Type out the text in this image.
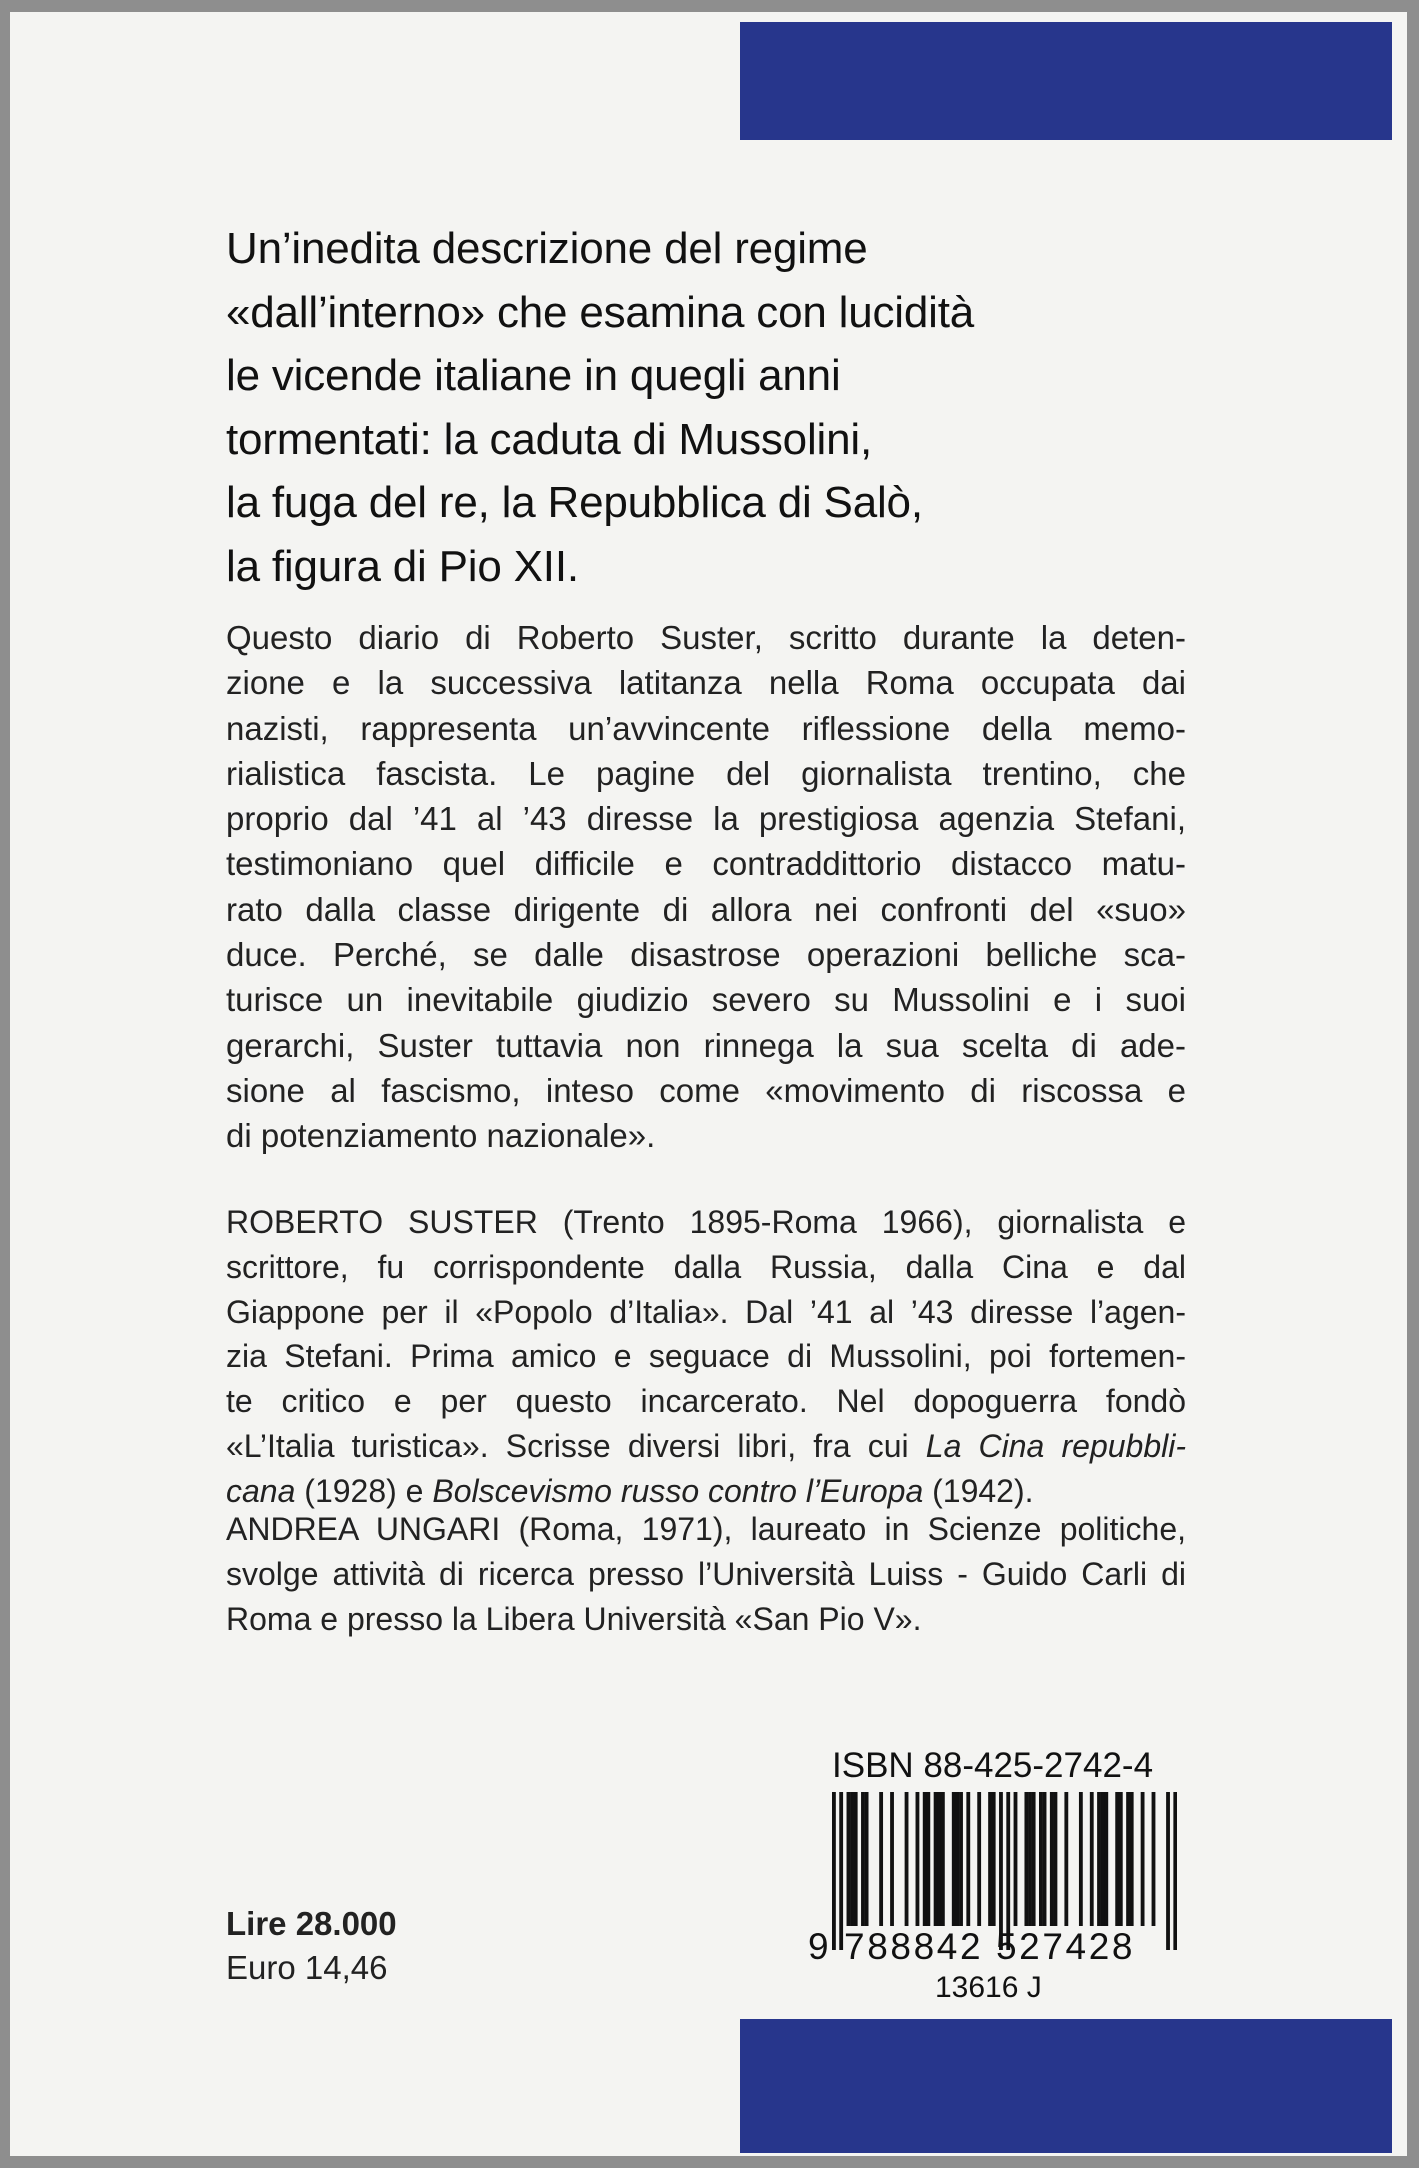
Un’inedita descrizione del regime
«dall’interno» che esamina con lucidità
le vicende italiane in quegli anni
tormentati: la caduta di Mussolini,
la fuga del re, la Repubblica di Salò,
la figura di Pio XII.

Questo diario di Roberto Suster, scritto durante la deten-
zione e la successiva latitanza nella Roma occupata dai
nazisti, rappresenta un’avvincente riflessione della memo-
rialistica fascista. Le pagine del giornalista trentino, che
proprio dal ’41 al ’43 diresse la prestigiosa agenzia Stefani,
testimoniano quel difficile e contraddittorio distacco matu-
rato dalla classe dirigente di allora nei confronti del «suo»
duce. Perché, se dalle disastrose operazioni belliche sca-
turisce un inevitabile giudizio severo su Mussolini e i suoi
gerarchi, Suster tuttavia non rinnega la sua scelta di ade-
sione al fascismo, inteso come «movimento di riscossa e
di potenziamento nazionale».

ROBERTO SUSTER (Trento 1895-Roma 1966), giornalista e
scrittore, fu corrispondente dalla Russia, dalla Cina e dal
Giappone per il «Popolo d’Italia». Dal ’41 al ’43 diresse l’agen-
zia Stefani. Prima amico e seguace di Mussolini, poi fortemen-
te critico e per questo incarcerato. Nel dopoguerra fondò
«L’Italia turistica». Scrisse diversi libri, fra cui La Cina repubbli-
cana (1928) e Bolscevismo russo contro l’Europa (1942).

ANDREA UNGARI (Roma, 1971), laureato in Scienze politiche,
svolge attività di ricerca presso l’Università Luiss - Guido Carli di
Roma e presso la Libera Università «San Pio V».

Lire 28.000
Euro 14,46
ISBN 88-425-2742-4
9 788842 527428
13616 J
